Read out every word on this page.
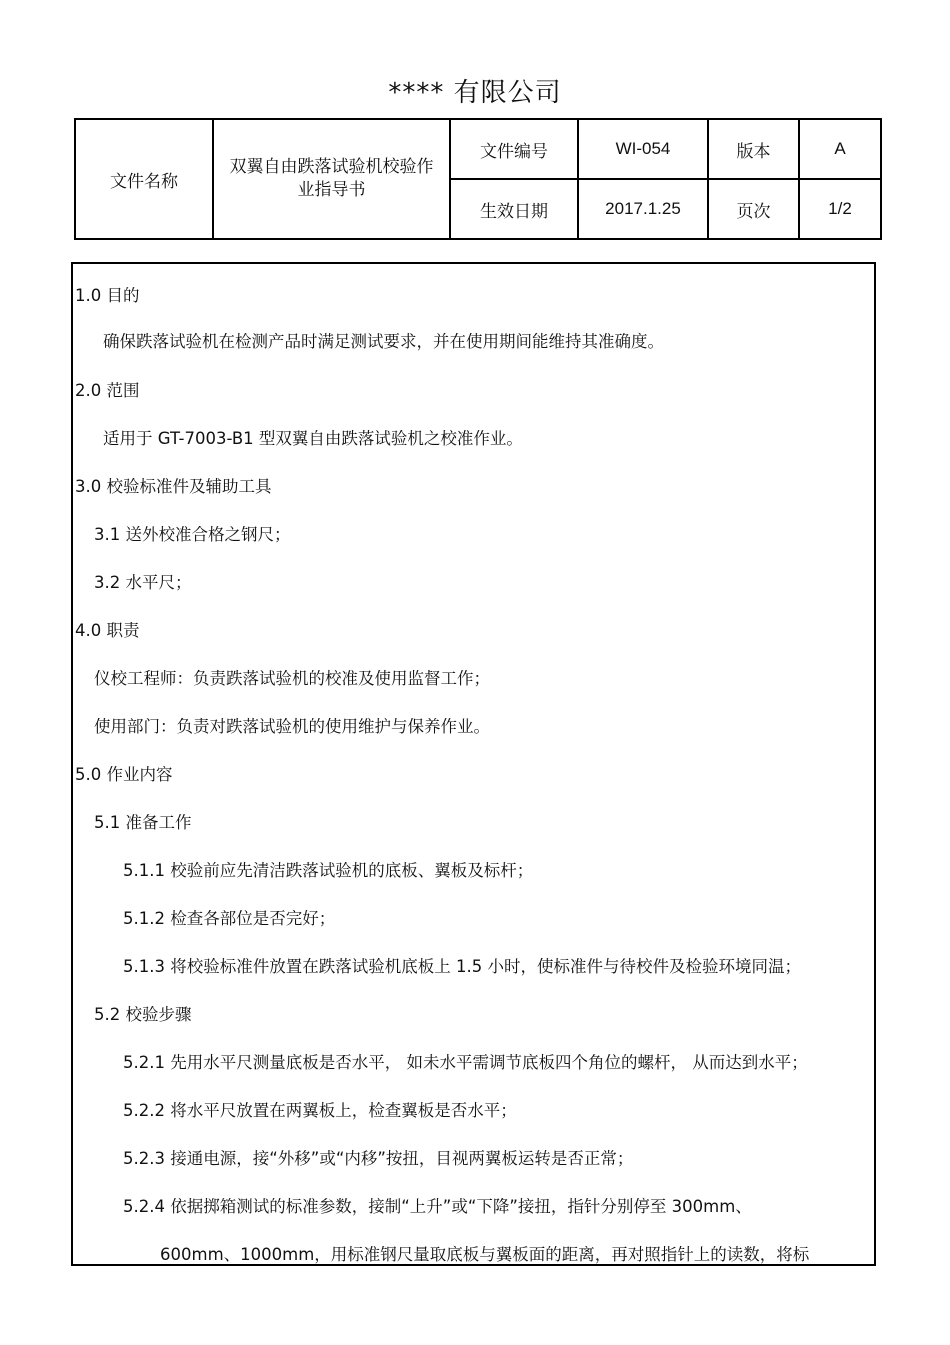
**** 有限公司
文件名称	双翼自由跌落试验机校验作业指导书	文件编号	WI-054	版本	A
		生效日期	2017.1.25	页次	1/2
1.0 目的
确保跌落试验机在检测产品时满足测试要求，并在使用期间能维持其准确度。
2.0 范围
适用于 GT-7003-B1 型双翼自由跌落试验机之校准作业。
3.0 校验标准件及辅助工具
3.1 送外校准合格之钢尺；
3.2 水平尺；
4.0 职责
仪校工程师：负责跌落试验机的校准及使用监督工作；
使用部门：负责对跌落试验机的使用维护与保养作业。
5.0 作业内容
5.1 准备工作
5.1.1 校验前应先清洁跌落试验机的底板、翼板及标杆；
5.1.2 检查各部位是否完好；
5.1.3 将校验标准件放置在跌落试验机底板上 1.5 小时，使标准件与待校件及检验环境同温；
5.2 校验步骤
5.2.1 先用水平尺测量底板是否水平， 如未水平需调节底板四个角位的螺杆， 从而达到水平；
5.2.2 将水平尺放置在两翼板上，检查翼板是否水平；
5.2.3 接通电源，接“外移”或“内移”按扭，目视两翼板运转是否正常；
5.2.4 依据掷箱测试的标准参数，接制“上升”或“下降”接扭，指针分别停至 300mm、
600mm、1000mm，用标准钢尺量取底板与翼板面的距离，再对照指针上的读数，将标
